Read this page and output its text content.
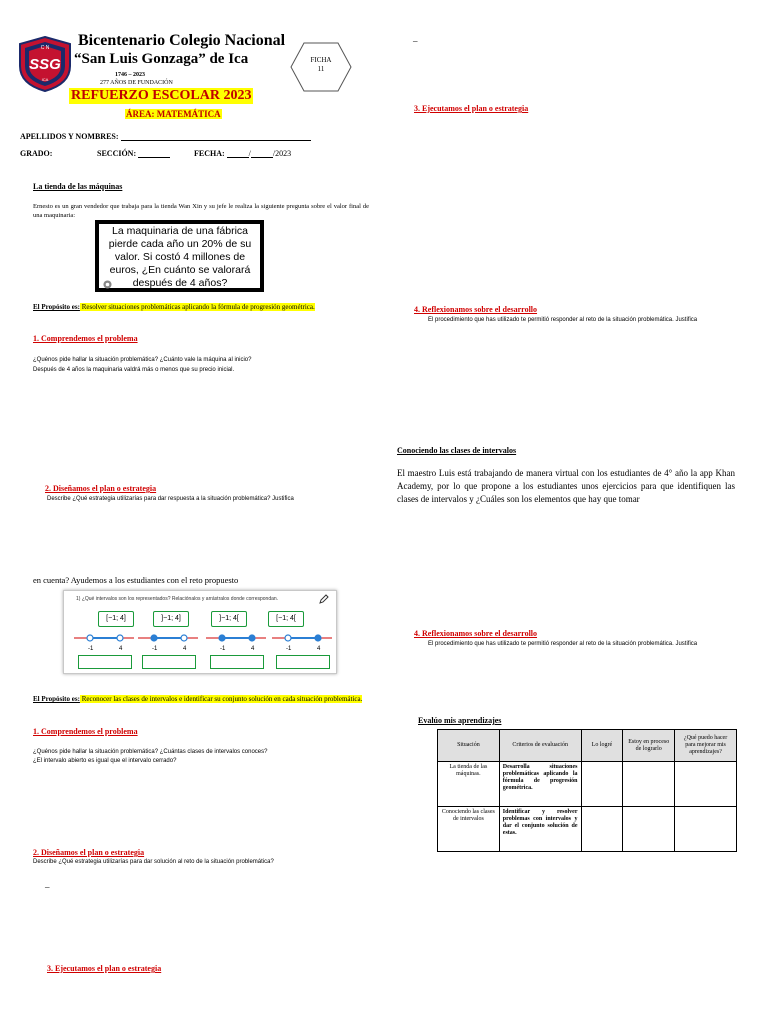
SSG
C N
ICA
Bicentenario Colegio Nacional
“San Luis Gonzaga” de Ica
1746 – 2023
277 AÑOS DE FUNDACIÓN
REFUERZO ESCOLAR 2023
ÁREA: MATEMÁTICA
FICHA
11
–
APELLIDOS Y NOMBRES:
GRADO:	SECCIÓN:	FECHA:	/	/2023
La tienda de las máquinas
Ernesto es un gran vendedor que trabaja para la tienda Wan Xin y su jefe le realiza la siguiente pregunta sobre el valor final de una maquinaria:
La maquinaria de una fábrica pierde cada año un 20% de su valor. Si costó 4 millones de euros, ¿En cuánto se valorará después de 4 años?
El Propósito es: Resolver situaciones problemáticas aplicando la fórmula de progresión geométrica.
1. Comprendemos el problema
¿Quénos pide hallar la situación problemática? ¿Cuánto vale la máquina al inicio?
Después de 4 años la maquinaria valdrá más o menos que su precio inicial.
2. Diseñamos el plan o estrategia
Describe ¿Qué estrategia utilizarías para dar respuesta a la situación problemática? Justifica
3. Ejecutamos el plan o estrategia
4. Reflexionamos sobre el desarrollo
El procedimiento que has utilizado te permitió responder al reto de la situación problemática. Justifica
Conociendo las clases de intervalos
El maestro Luis está trabajando de manera virtual con los estudiantes de 4° año la app Khan Academy, por lo que propone a los estudiantes unos ejercicios para que identifiquen las clases de intervalos y ¿Cuáles son los elementos que hay que tomar
en cuenta? Ayudemos a los estudiantes con el reto propuesto
1) ¿Qué intervalos son los representados? Relaciónalos y arrástralos donde correspondan.
[−1; 4]	]−1; 4]	]−1; 4[	[−1; 4[
-1	4	-1	4	-1	4	-1	4
El Propósito es: Reconocer las clases de intervalos e identificar su conjunto solución en cada situación problemática.
1. Comprendemos el problema
¿Quénos pide hallar la situación problemática? ¿Cuántas clases de intervalos conoces?
¿El intervalo abierto es igual que el intervalo cerrado?
2. Diseñamos el plan o estrategia
Describe ¿Qué estrategia utilizarías para dar solución al reto de la situación problemática?
–
3. Ejecutamos el plan o estrategia
4. Reflexionamos sobre el desarrollo
El procedimiento que has utilizado te permitió responder al reto de la situación problemática. Justifica
Evalúo mis aprendizajes
Situación	Criterios de evaluación	Lo logré	Estoy en proceso de lograrlo	¿Qué puedo hacer para mejorar mis aprendizajes?
La tienda de las máquinas.	Desarrolla situaciones problemáticas aplicando la fórmula de progresión geométrica.			
Conociendo las clases de intervalos	Identificar y resolver problemas con intervalos y dar el conjunto solución de estas.			
